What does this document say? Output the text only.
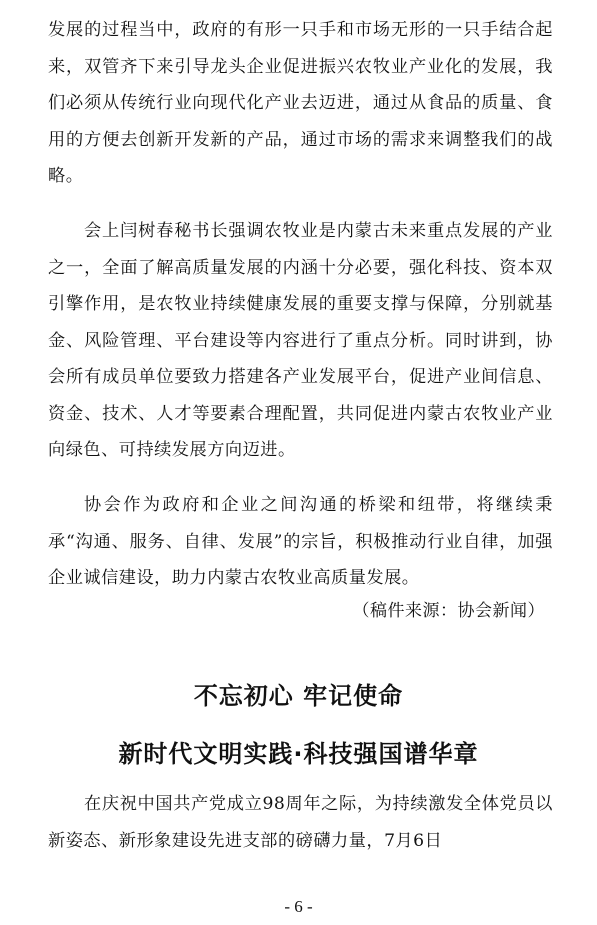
发展的过程当中，政府的有形一只手和市场无形的一只手结合起来，双管齐下来引导龙头企业促进振兴农牧业产业化的发展，我们必须从传统行业向现代化产业去迈进，通过从食品的质量、食用的方便去创新开发新的产品，通过市场的需求来调整我们的战略。

会上闫树春秘书长强调农牧业是内蒙古未来重点发展的产业之一，全面了解高质量发展的内涵十分必要，强化科技、资本双引擎作用，是农牧业持续健康发展的重要支撑与保障，分别就基金、风险管理、平台建设等内容进行了重点分析。同时讲到，协会所有成员单位要致力搭建各产业发展平台，促进产业间信息、资金、技术、人才等要素合理配置，共同促进内蒙古农牧业产业向绿色、可持续发展方向迈进。

协会作为政府和企业之间沟通的桥梁和纽带，将继续秉承“沟通、服务、自律、发展”的宗旨，积极推动行业自律，加强企业诚信建设，助力内蒙古农牧业高质量发展。

（稿件来源：协会新闻）

不忘初心 牢记使命
新时代文明实践·科技强国谱华章

在庆祝中国共产党成立98周年之际，为持续激发全体党员以新姿态、新形象建设先进支部的磅礴力量，7月6日

- 6 -
